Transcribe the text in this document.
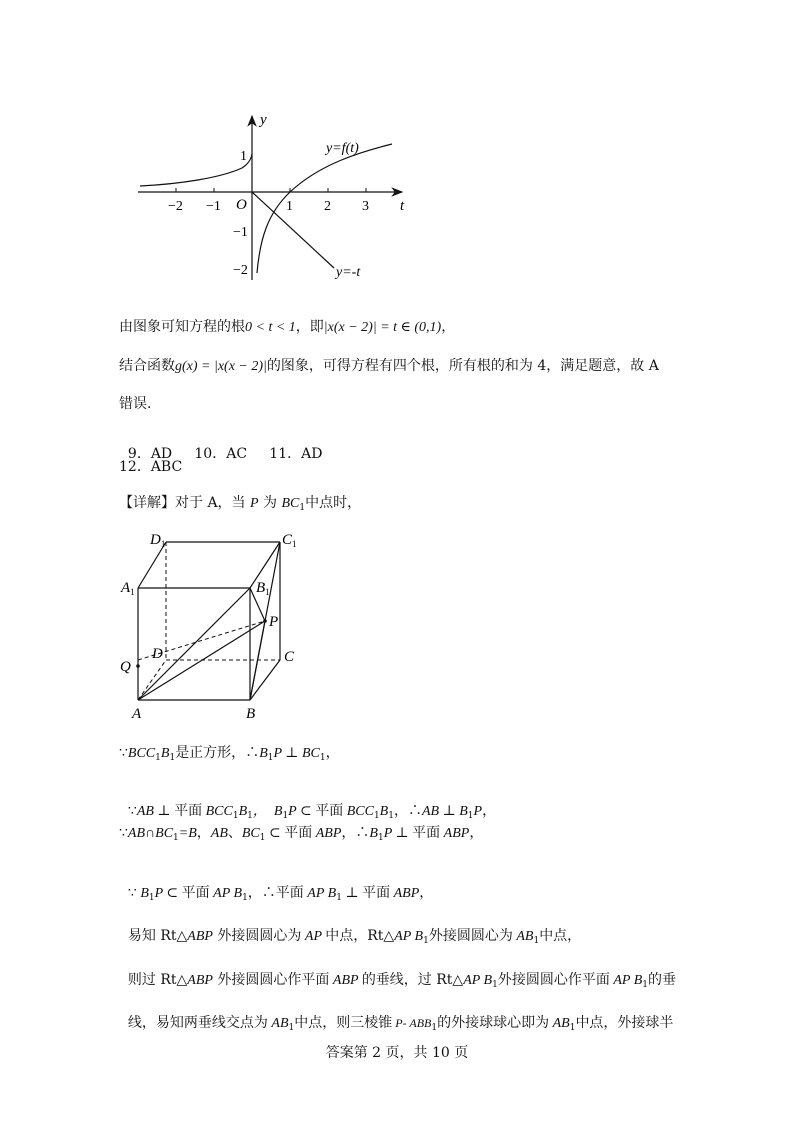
y
t
O
−2 −1	1 2 3
1
−1
−2
y=f(t)
y=-t
由图象可知方程的根0 < t < 1，即|x(x − 2)| = t ∈ (0,1)，
结合函数g(x) = |x(x − 2)|的图象，可得方程有四个根，所有根的和为 4，满足题意，故 A
错误.

9．AD     10．AC     11．AD

12．ABC
【详解】对于 A，当 P 为 $BC_1$中点时，
$D_1$	$C_1$
$A_1$	$B_1$
P
D	C
Q
A	B
$\because BCC_1B_1$是正方形，$\therefore B_1P$ ⊥ $BC_1$，

∵AB ⊥ 平面 $BCC_1B_1$，  $B_1P$ ⊂ 平面 $BCC_1B_1$，∴AB ⊥ $B_1P$，

$\because AB\cap BC_1=B$，AB、$BC_1$ ⊂ 平面 ABP，$\therefore B_1P$ ⊥ 平面 ABP，

∵ $B_1P$ ⊂ 平面 AP $B_1$，∴平面 AP $B_1$ ⊥ 平面 ABP，

易知 Rt△ABP 外接圆圆心为 AP 中点，Rt△AP $B_1$外接圆圆心为 $AB_1$中点，

则过 Rt△ABP 外接圆圆心作平面 ABP 的垂线，过 Rt△AP $B_1$外接圆圆心作平面 AP $B_1$的垂

线，易知两垂线交点为 $AB_1$中点，则三棱锥 P- $ABB_1$的外接球球心即为 $AB_1$中点，外接球半

答案第 2 页，共 10 页
